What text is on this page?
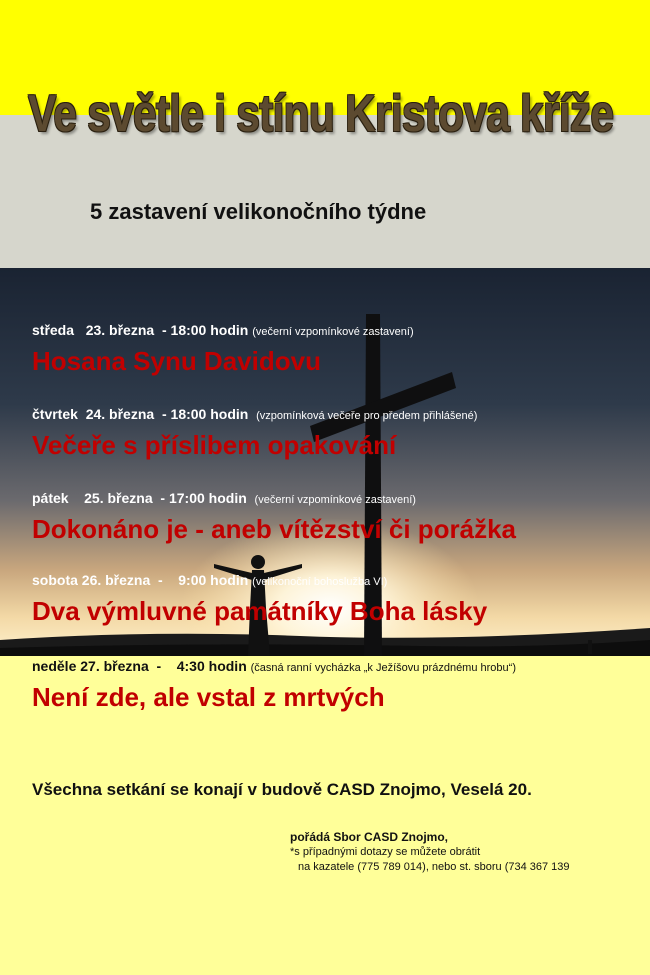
Ve světle i stínu Kristova kříže

5 zastavení velikonočního týdne

středa 23. března  - 18:00 hodin (večerní vzpomínkové zastavení)
Hosana Synu Davidovu
čtvrtek 24. března  - 18:00 hodin (vzpomínková večeře pro předem přihlášené)
Večeře s příslibem opakování
pátek 25. března  - 17:00 hodin (večerní vzpomínkové zastavení)
Dokonáno je - aneb vítězství či porážka
sobota 26. března  -    9:00 hodin (velikonoční bohoslužba VI)
Dva výmluvné památníky Boha lásky
neděle 27. března  -    4:30 hodin (časná ranní vycházka „k Ježíšovu prázdnému hrobu“)
Není zde, ale vstal z mrtvých

Všechna setkání se konají v budově CASD Znojmo, Veselá 20.

pořádá Sbor CASD Znojmo,
*s případnými dotazy se můžete obrátit
na kazatele (775 789 014), nebo st. sboru (734 367 139
